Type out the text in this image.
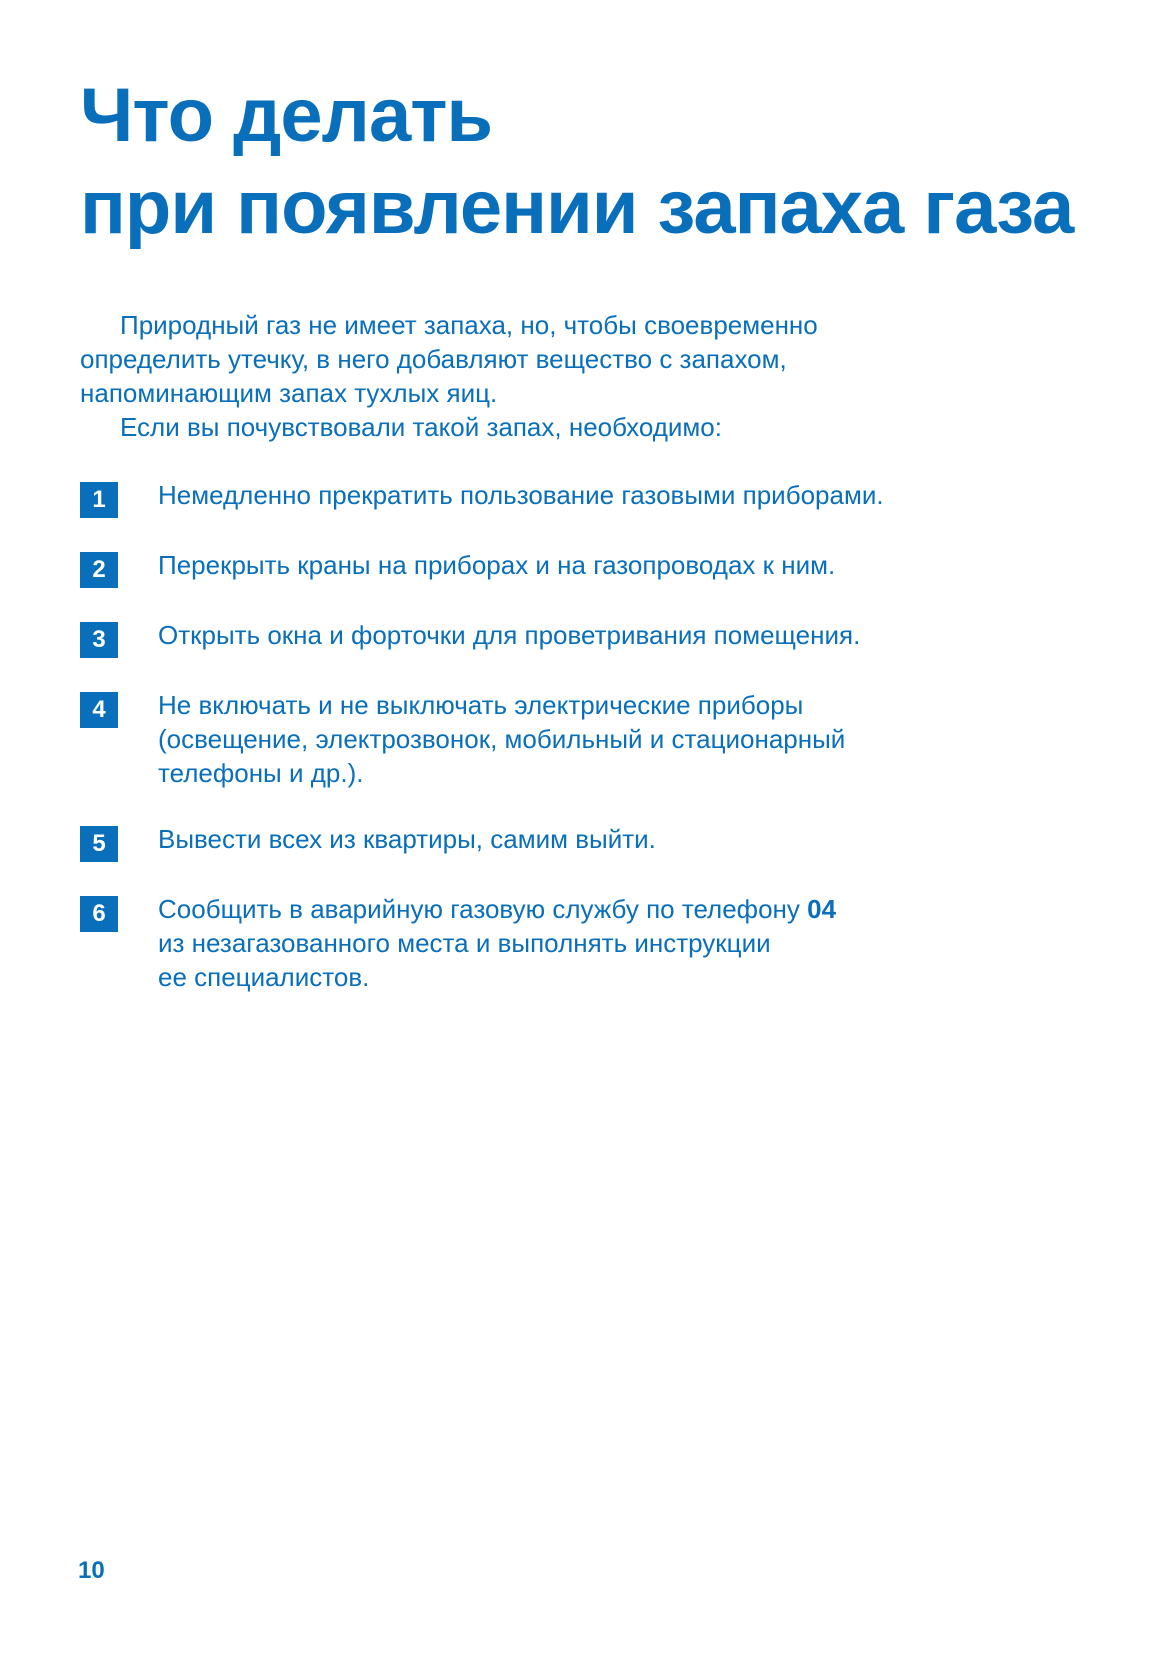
Что делать
при появлении запаха газа

Природный газ не имеет запаха, но, чтобы своевременно определить утечку, в него добавляют вещество с запахом, напоминающим запах тухлых яиц.

Если вы почувствовали такой запах, необходимо:

1	Немедленно прекратить пользование газовыми приборами.
2	Перекрыть краны на приборах и на газопроводах к ним.
3	Открыть окна и форточки для проветривания помещения.
4	Не включать и не выключать электрические приборы
(освещение, электрозвонок, мобильный и стационарный
телефоны и др.).
5	Вывести всех из квартиры, самим выйти.
6	Сообщить в аварийную газовую службу по телефону 04
из незагазованного места и выполнять инструкции
ее специалистов.
10
